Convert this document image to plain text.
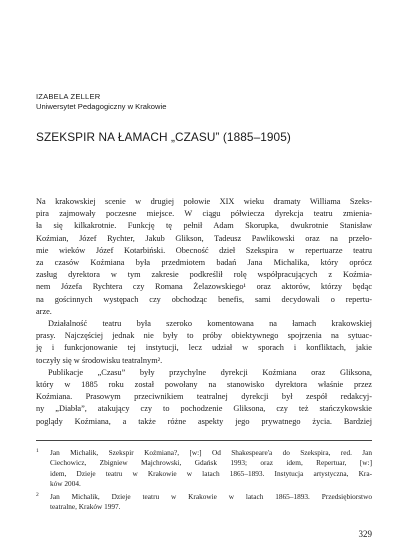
IZABELA ZELLER
Uniwersytet Pedagogiczny w Krakowie
SZEKSPIR NA ŁAMACH „CZASU” (1885–1905)
Na krakowskiej scenie w drugiej połowie XIX wieku dramaty Williama Szeks-
pira zajmowały poczesne miejsce. W ciągu półwiecza dyrekcja teatru zmienia-
ła się kilkakrotnie. Funkcję tę pełnił Adam Skorupka, dwukrotnie Stanisław
Koźmian, Józef Rychter, Jakub Glikson, Tadeusz Pawlikowski oraz na przeło-
mie wieków Józef Kotarbiński. Obecność dzieł Szekspira w repertuarze teatru
za czasów Koźmiana była przedmiotem badań Jana Michalika, który oprócz
zasług dyrektora w tym zakresie podkreślił rolę współpracujących z Koźmia-
nem Józefa Rychtera czy Romana Żelazowskiego¹ oraz aktorów, którzy będąc
na gościnnych występach czy obchodząc benefis, sami decydowali o repertu-
arze.
Działalność teatru była szeroko komentowana na łamach krakowskiej
prasy. Najczęściej jednak nie były to próby obiektywnego spojrzenia na sytuac-
ję i funkcjonowanie tej instytucji, lecz udział w sporach i konfliktach, jakie
toczyły się w środowisku teatralnym².
Publikacje „Czasu” były przychylne dyrekcji Koźmiana oraz Gliksona,
który w 1885 roku został powołany na stanowisko dyrektora właśnie przez
Koźmiana. Prasowym przeciwnikiem teatralnej dyrekcji był zespół redakcyj-
ny „Diabła”, atakujący czy to pochodzenie Gliksona, czy też stańczykowskie
poglądy Koźmiana, a także różne aspekty jego prywatnego życia. Bardziej
1 Jan Michalik, Szekspir Koźmiana?, [w:] Od Shakespeare'a do Szekspira, red. Jan
Ciechowicz, Zbigniew Majchrowski, Gdańsk 1993; oraz idem, Repertuar, [w:]
idem, Dzieje teatru w Krakowie w latach 1865–1893. Instytucja artystyczna, Kra-
ków 2004.
2 Jan Michalik, Dzieje teatru w Krakowie w latach 1865–1893. Przedsiębiorstwo
teatralne, Kraków 1997.
329
